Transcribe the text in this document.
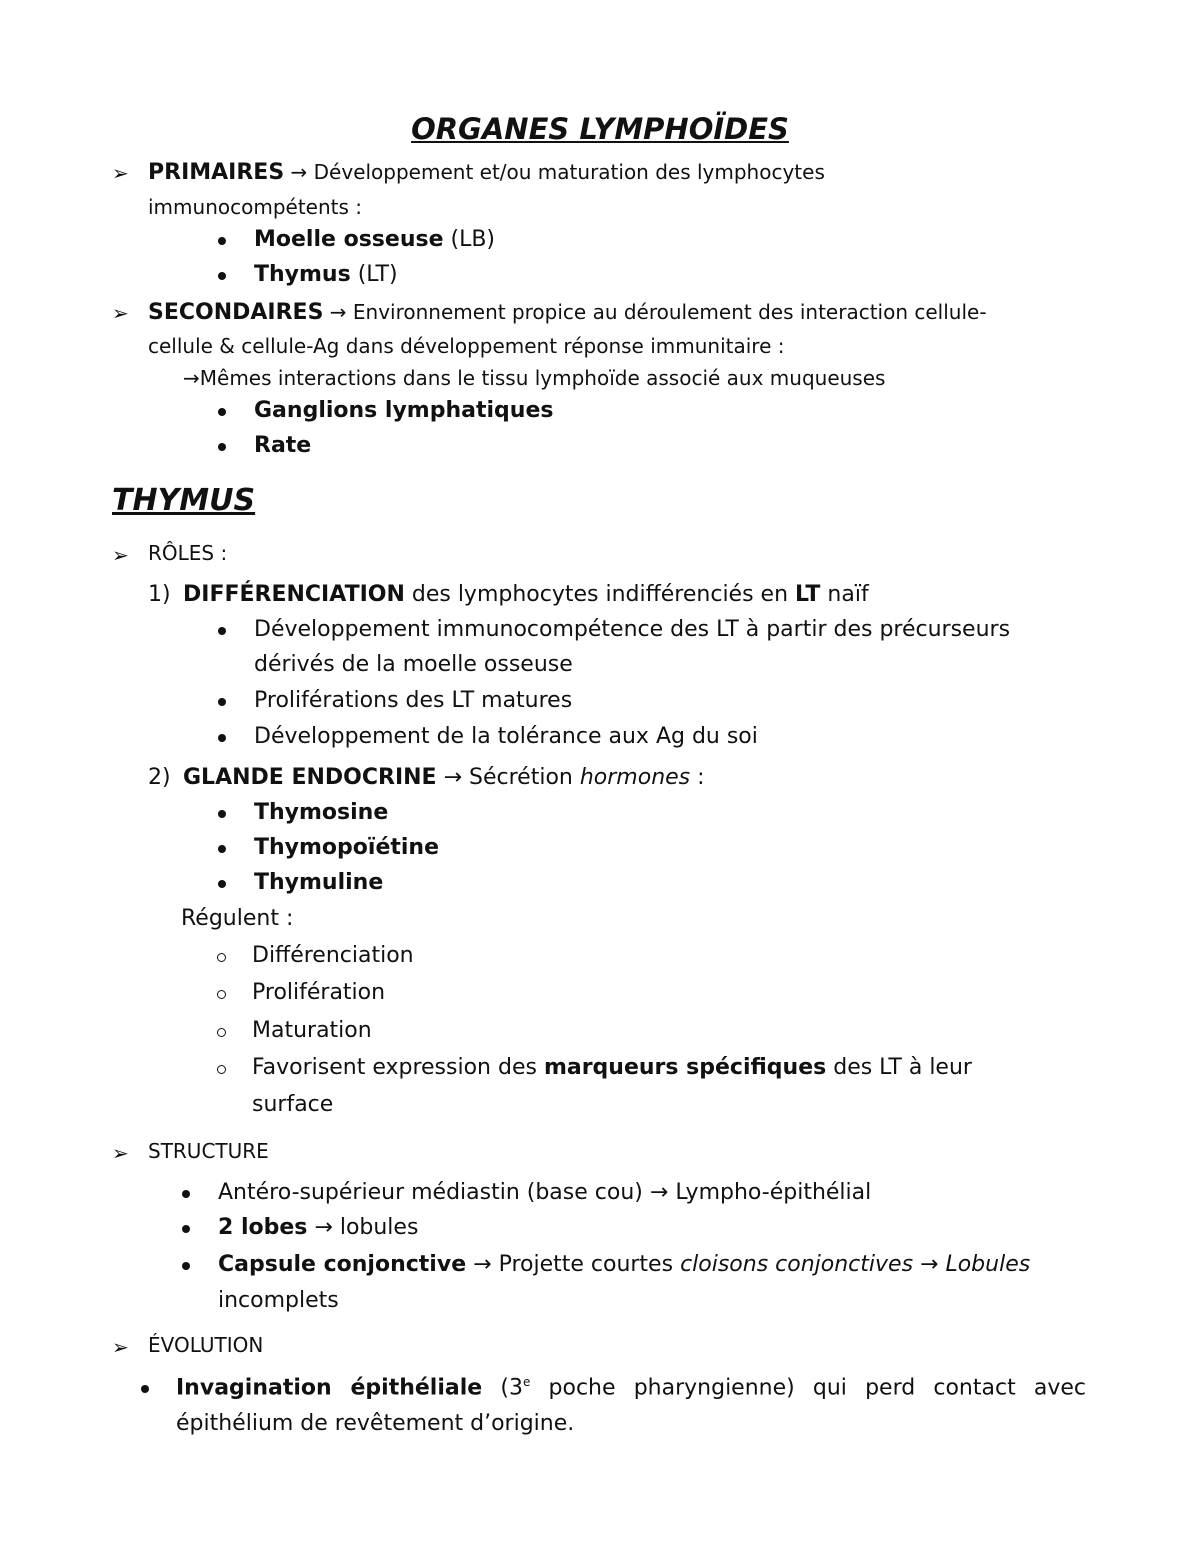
ORGANES LYMPHOÏDES
➢ PRIMAIRES → Développement et/ou maturation des lymphocytes
immunocompétents :
Moelle osseuse (LB)
Thymus (LT)
➢ SECONDAIRES → Environnement propice au déroulement des interaction cellule-
cellule & cellule-Ag dans développement réponse immunitaire :
→Mêmes interactions dans le tissu lymphoïde associé aux muqueuses
Ganglions lymphatiques
Rate
THYMUS
➢ RÔLES :
1) DIFFÉRENCIATION des lymphocytes indifférenciés en LT naïf
Développement immunocompétence des LT à partir des précurseurs
dérivés de la moelle osseuse
Proliférations des LT matures
Développement de la tolérance aux Ag du soi
2) GLANDE ENDOCRINE → Sécrétion hormones :
Thymosine
Thymopoïétine
Thymuline
Régulent :
Différenciation
Prolifération
Maturation
Favorisent expression des marqueurs spécifiques des LT à leur
surface
➢ STRUCTURE
Antéro-supérieur médiastin (base cou) → Lympho-épithélial
2 lobes → lobules
Capsule conjonctive → Projette courtes cloisons conjonctives → Lobules
incomplets
➢ ÉVOLUTION
Invagination épithéliale (3e poche pharyngienne) qui perd contact avec
épithélium de revêtement d’origine.
